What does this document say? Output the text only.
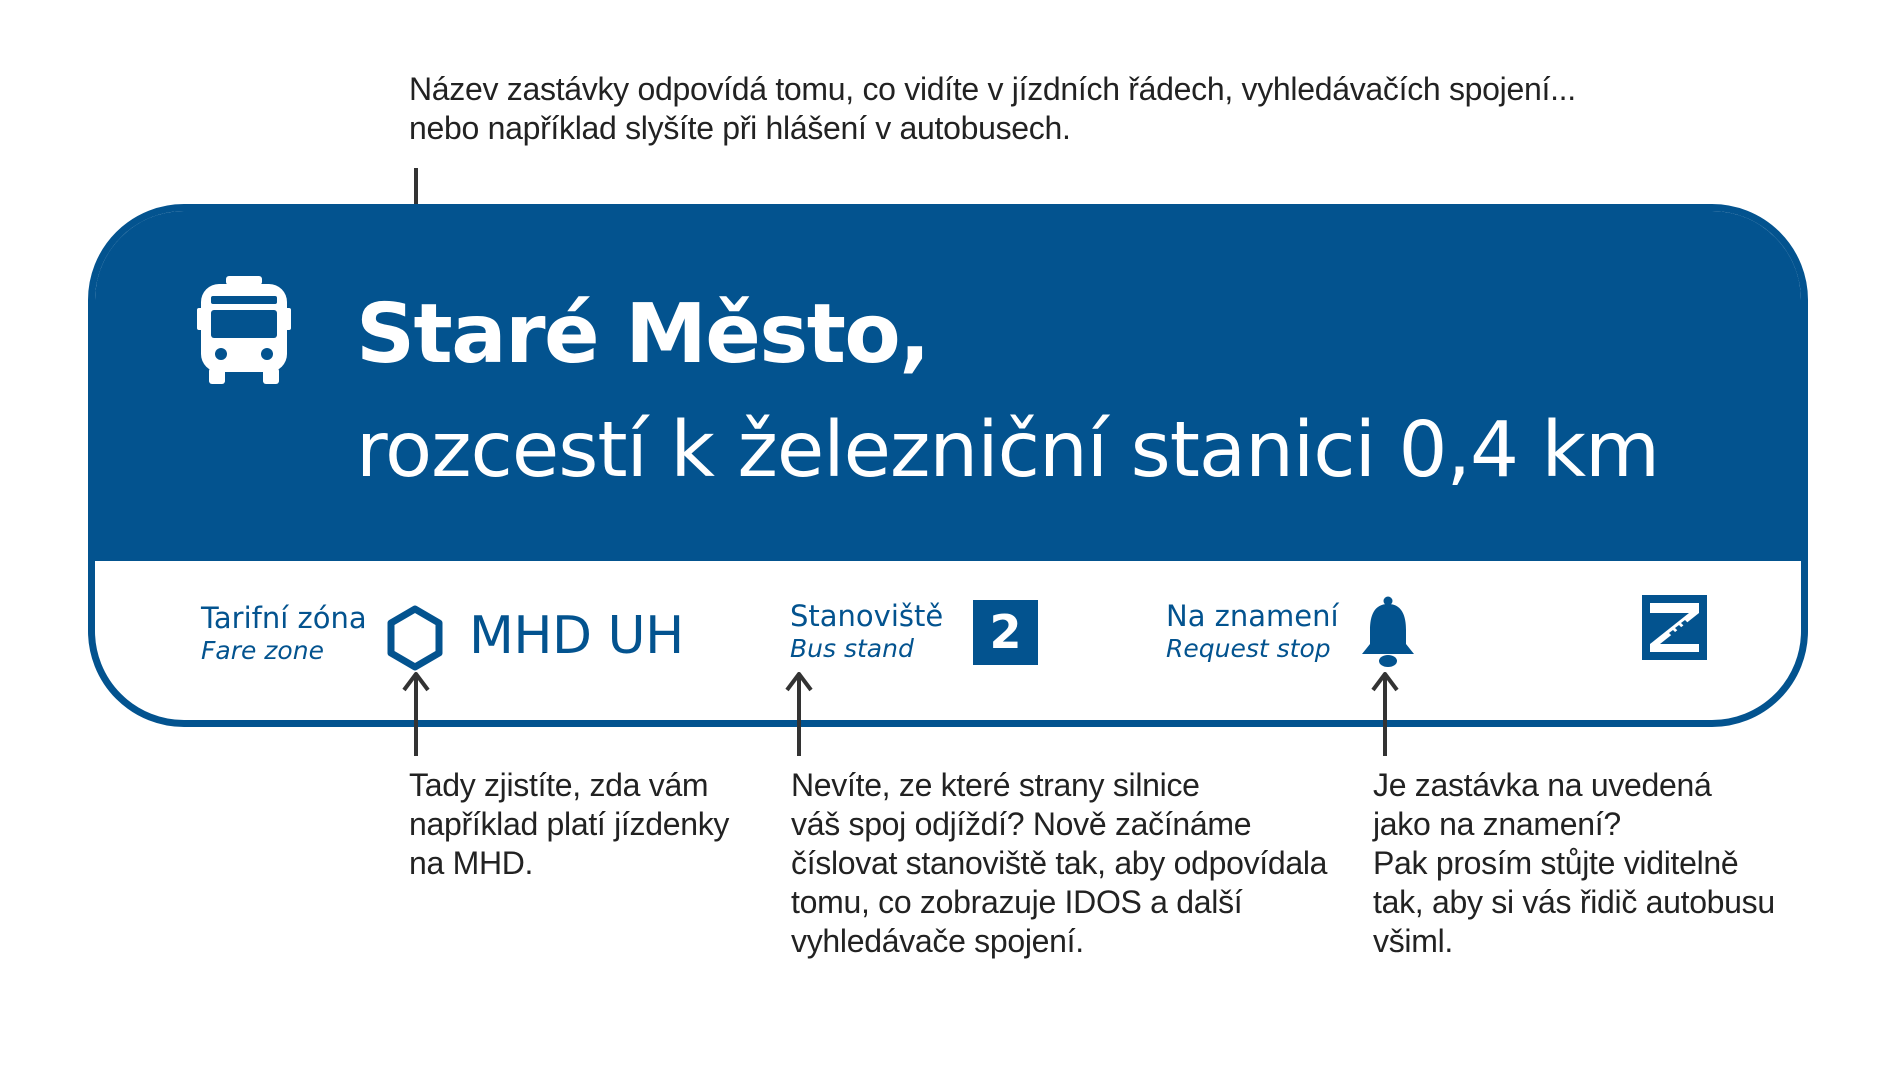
Název zastávky odpovídá tomu, co vidíte v jízdních řádech, vyhledávačích spojení...
nebo například slyšíte při hlášení v autobusech.
Staré Město,
rozcestí k železniční stanici 0,4 km
Tarifní zóna
Fare zone	MHD UH	Stanoviště
Bus stand	2	Na znamení
Request stop
Tady zjistíte, zda vám
například platí jízdenky
na MHD.
Nevíte, ze které strany silnice
váš spoj odjíždí? Nově začínáme
číslovat stanoviště tak, aby odpovídala
tomu, co zobrazuje IDOS a další
vyhledávače spojení.
Je zastávka na uvedená
jako na znamení?
Pak prosím stůjte viditelně
tak, aby si vás řidič autobusu
všiml.
